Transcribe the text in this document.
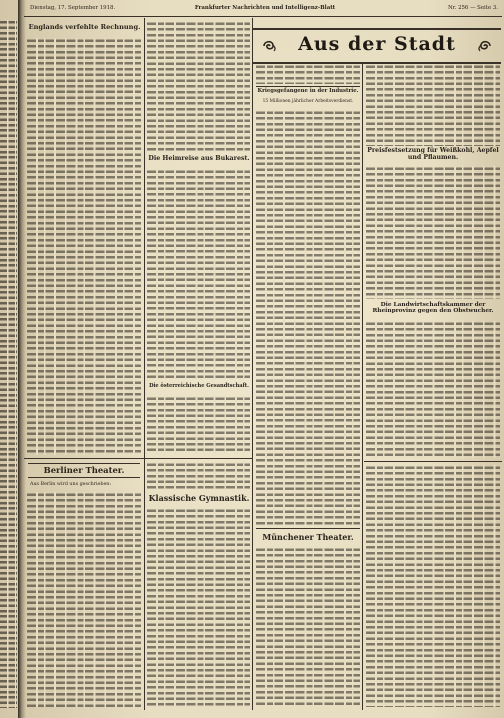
Dienstag, 17. September 1918.	Frankfurter Nachrichten und Intelligenz-Blatt	Nr. 256 — Seite 3.
Englands verfehlte Rechnung.
Die Heimreise aus Bukarest.
Die österreichische Gesandtschaft.
Berliner Theater.
Aus Berlin wird uns geschrieben:
Klassische Gymnastik.
Aus der Stadt
Kriegsgefangene in der Industrie.
15 Millionen jährlicher Arbeitsverdienst.
Münchener Theater.
Preisfestsetzung für Weißkohl, Aepfel und Pflaumen.
Die Landwirtschaftskammer der Rheinprovinz gegen den Obstwucher.
